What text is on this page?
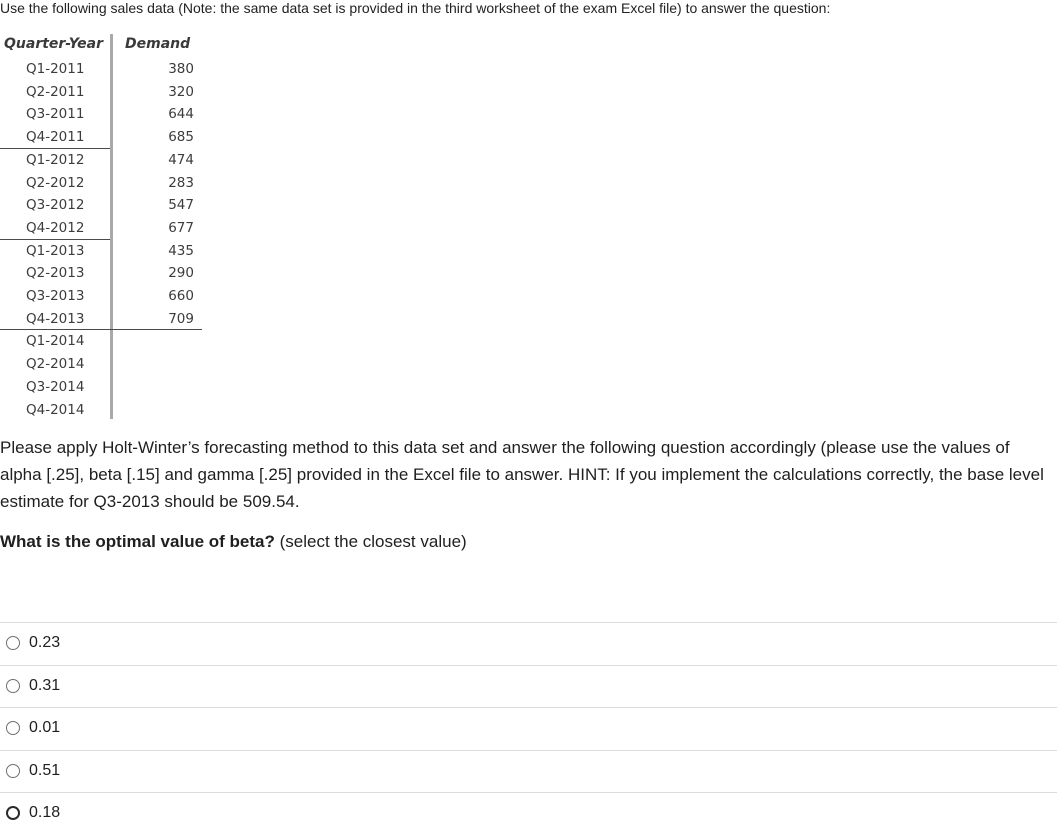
Use the following sales data (Note: the same data set is provided in the third worksheet of the exam Excel file) to answer the question:
Quarter-Year Demand
Q1-2011	380
Q2-2011	320
Q3-2011	644
Q4-2011	685
Q1-2012	474
Q2-2012	283
Q3-2012	547
Q4-2012	677
Q1-2013	435
Q2-2013	290
Q3-2013	660
Q4-2013	709
Q1-2014
Q2-2014
Q3-2014
Q4-2014
Please apply Holt-Winter’s forecasting method to this data set and answer the following question accordingly (please use the values of alpha [.25], beta [.15] and gamma [.25] provided in the Excel file to answer. HINT: If you implement the calculations correctly, the base level estimate for Q3-2013 should be 509.54.
What is the optimal value of beta? (select the closest value)
0.23
0.31
0.01
0.51
0.18
